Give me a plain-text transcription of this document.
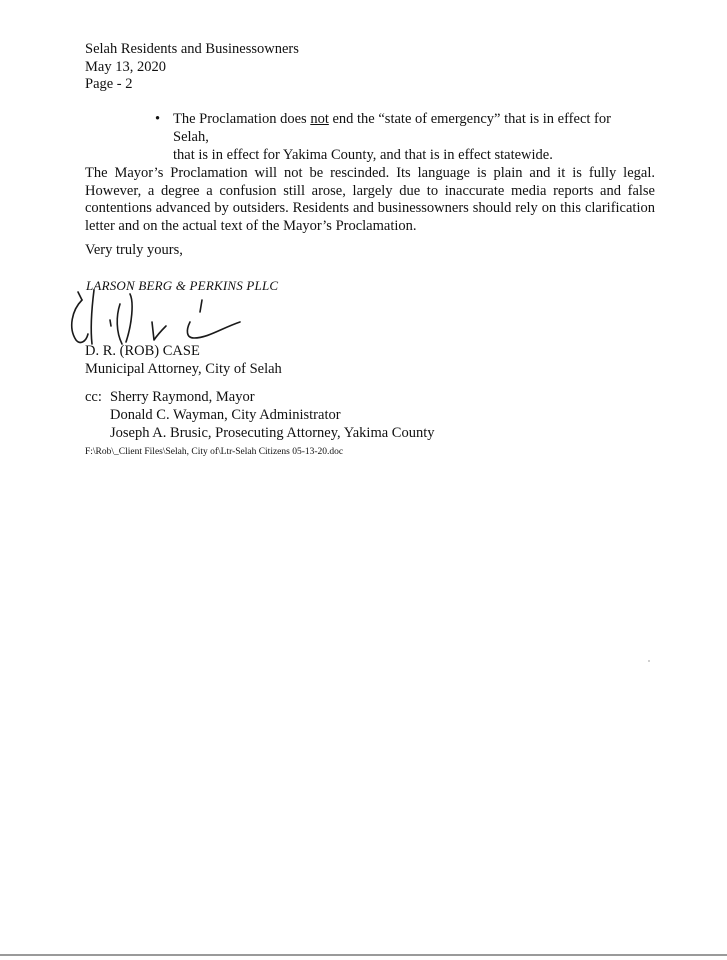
Selah Residents and Businessowners
May 13, 2020
Page - 2
• The Proclamation does not end the “state of emergency” that is in effect for Selah,
that is in effect for Yakima County, and that is in effect statewide.
The Mayor’s Proclamation will not be rescinded. Its language is plain and it is fully legal.
However, a degree a confusion still arose, largely due to inaccurate media reports and false
contentions advanced by outsiders. Residents and businessowners should rely on this clarification
letter and on the actual text of the Mayor’s Proclamation.
Very truly yours,
LARSON BERG & PERKINS PLLC
D. R. (ROB) CASE
Municipal Attorney, City of Selah
cc: Sherry Raymond, Mayor
Donald C. Wayman, City Administrator
Joseph A. Brusic, Prosecuting Attorney, Yakima County
F:\Rob\_Client Files\Selah, City of\Ltr-Selah Citizens 05-13-20.doc
